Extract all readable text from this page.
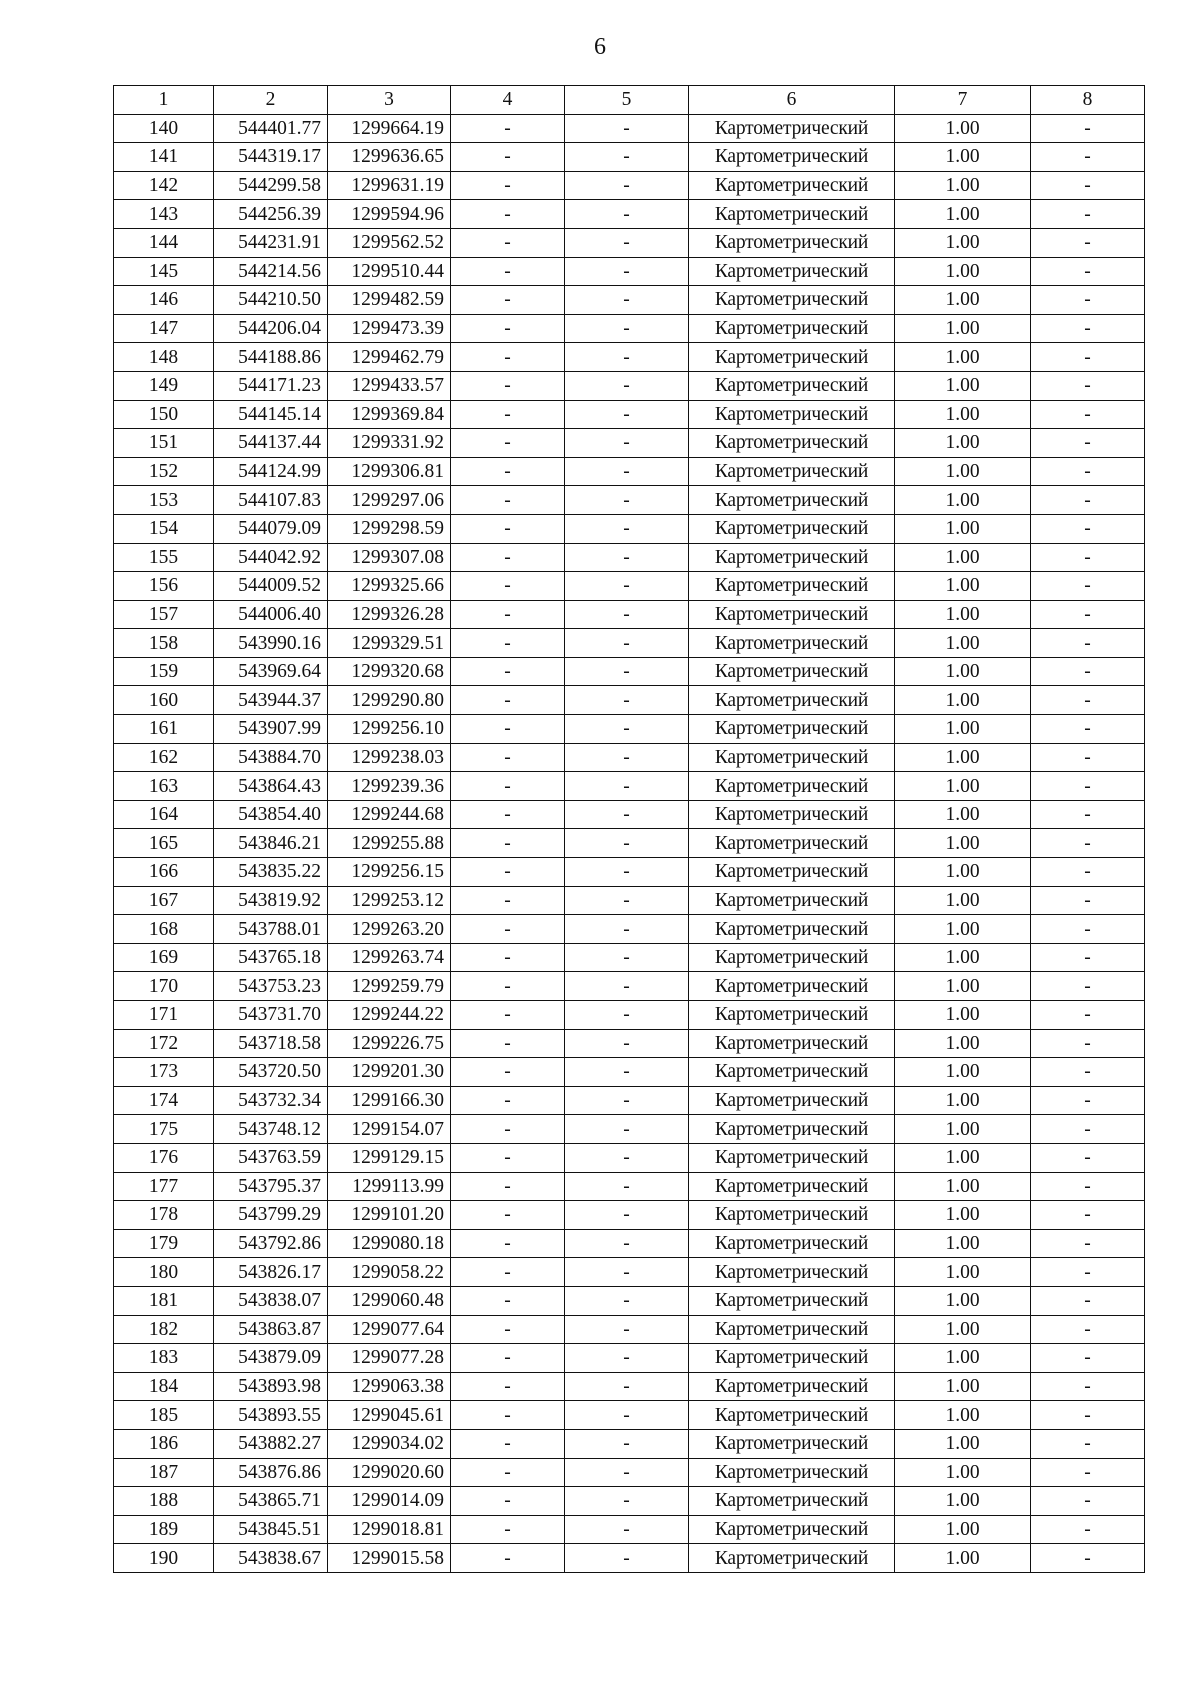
6
1	2	3	4	5	6	7	8
140	544401.77	1299664.19	-	-	Картометрический	1.00	-
141	544319.17	1299636.65	-	-	Картометрический	1.00	-
142	544299.58	1299631.19	-	-	Картометрический	1.00	-
143	544256.39	1299594.96	-	-	Картометрический	1.00	-
144	544231.91	1299562.52	-	-	Картометрический	1.00	-
145	544214.56	1299510.44	-	-	Картометрический	1.00	-
146	544210.50	1299482.59	-	-	Картометрический	1.00	-
147	544206.04	1299473.39	-	-	Картометрический	1.00	-
148	544188.86	1299462.79	-	-	Картометрический	1.00	-
149	544171.23	1299433.57	-	-	Картометрический	1.00	-
150	544145.14	1299369.84	-	-	Картометрический	1.00	-
151	544137.44	1299331.92	-	-	Картометрический	1.00	-
152	544124.99	1299306.81	-	-	Картометрический	1.00	-
153	544107.83	1299297.06	-	-	Картометрический	1.00	-
154	544079.09	1299298.59	-	-	Картометрический	1.00	-
155	544042.92	1299307.08	-	-	Картометрический	1.00	-
156	544009.52	1299325.66	-	-	Картометрический	1.00	-
157	544006.40	1299326.28	-	-	Картометрический	1.00	-
158	543990.16	1299329.51	-	-	Картометрический	1.00	-
159	543969.64	1299320.68	-	-	Картометрический	1.00	-
160	543944.37	1299290.80	-	-	Картометрический	1.00	-
161	543907.99	1299256.10	-	-	Картометрический	1.00	-
162	543884.70	1299238.03	-	-	Картометрический	1.00	-
163	543864.43	1299239.36	-	-	Картометрический	1.00	-
164	543854.40	1299244.68	-	-	Картометрический	1.00	-
165	543846.21	1299255.88	-	-	Картометрический	1.00	-
166	543835.22	1299256.15	-	-	Картометрический	1.00	-
167	543819.92	1299253.12	-	-	Картометрический	1.00	-
168	543788.01	1299263.20	-	-	Картометрический	1.00	-
169	543765.18	1299263.74	-	-	Картометрический	1.00	-
170	543753.23	1299259.79	-	-	Картометрический	1.00	-
171	543731.70	1299244.22	-	-	Картометрический	1.00	-
172	543718.58	1299226.75	-	-	Картометрический	1.00	-
173	543720.50	1299201.30	-	-	Картометрический	1.00	-
174	543732.34	1299166.30	-	-	Картометрический	1.00	-
175	543748.12	1299154.07	-	-	Картометрический	1.00	-
176	543763.59	1299129.15	-	-	Картометрический	1.00	-
177	543795.37	1299113.99	-	-	Картометрический	1.00	-
178	543799.29	1299101.20	-	-	Картометрический	1.00	-
179	543792.86	1299080.18	-	-	Картометрический	1.00	-
180	543826.17	1299058.22	-	-	Картометрический	1.00	-
181	543838.07	1299060.48	-	-	Картометрический	1.00	-
182	543863.87	1299077.64	-	-	Картометрический	1.00	-
183	543879.09	1299077.28	-	-	Картометрический	1.00	-
184	543893.98	1299063.38	-	-	Картометрический	1.00	-
185	543893.55	1299045.61	-	-	Картометрический	1.00	-
186	543882.27	1299034.02	-	-	Картометрический	1.00	-
187	543876.86	1299020.60	-	-	Картометрический	1.00	-
188	543865.71	1299014.09	-	-	Картометрический	1.00	-
189	543845.51	1299018.81	-	-	Картометрический	1.00	-
190	543838.67	1299015.58	-	-	Картометрический	1.00	-
